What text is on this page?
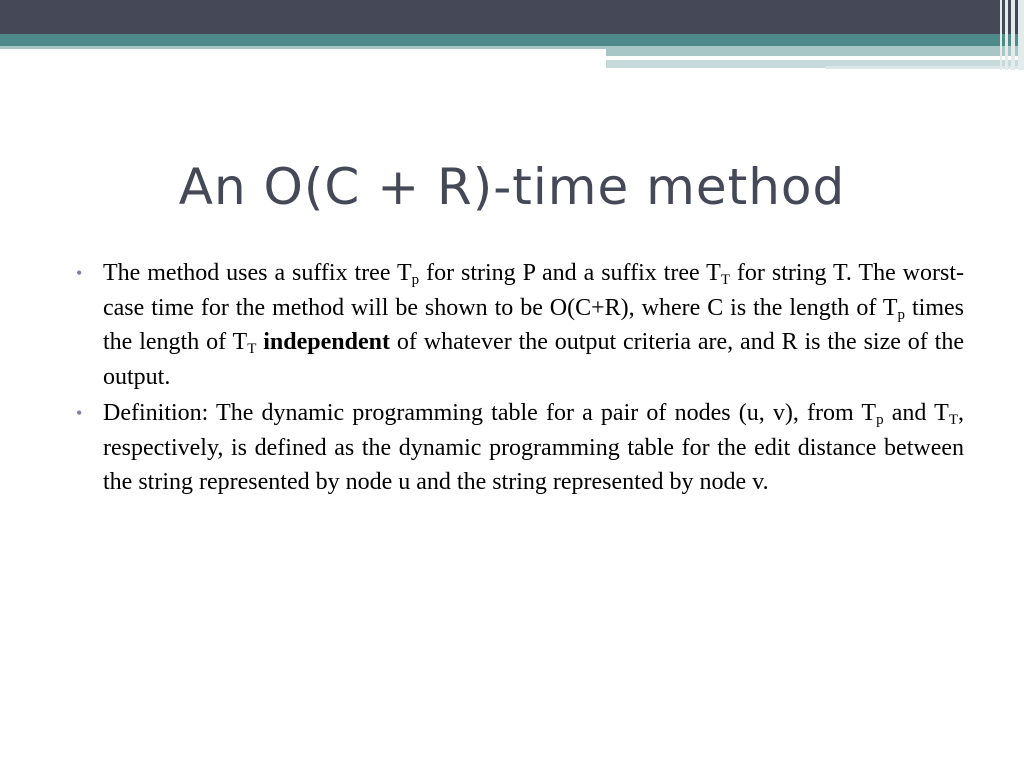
An O(C + R)-time method
• The method uses a suffix tree $T_p$ for string P and a suffix tree $T_T$ for string T. The worst-case time for the method will be shown to be O(C+R), where C is the length of $T_p$ times the length of $T_T$ independent of whatever the output criteria are, and R is the size of the output.
• Definition: The dynamic programming table for a pair of nodes (u, v), from $T_p$ and $T_T$, respectively, is defined as the dynamic programming table for the edit distance between the string represented by node u and the string represented by node v.
